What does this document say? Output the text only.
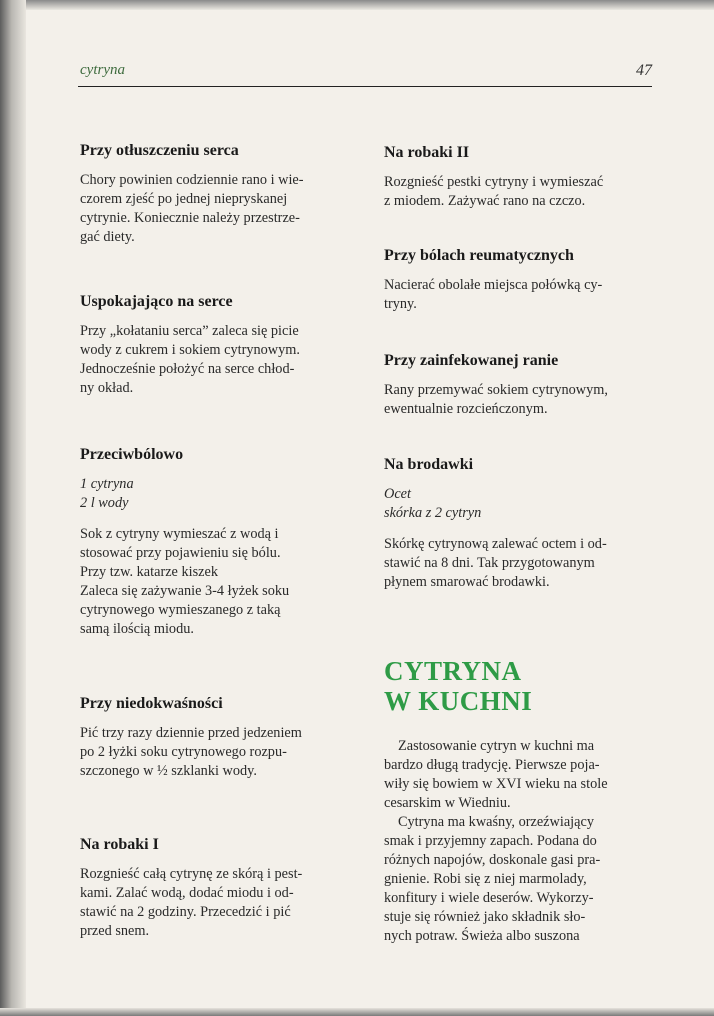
cytryna	47
Przy otłuszczeniu serca

Chory powinien codziennie rano i wie-

czorem zjeść po jednej niepryskanej

cytrynie. Koniecznie należy przestrze-

gać diety.

Uspokajająco na serce

Przy „kołataniu serca” zaleca się picie

wody z cukrem i sokiem cytrynowym.

Jednocześnie położyć na serce chłod-

ny okład.

Przeciwbólowo

1 cytryna

2 l wody

Sok z cytryny wymieszać z wodą i

stosować przy pojawieniu się bólu.

Przy tzw. katarze kiszek

Zaleca się zażywanie 3-4 łyżek soku

cytrynowego wymieszanego z taką

samą ilością miodu.

Przy niedokwaśności

Pić trzy razy dziennie przed jedzeniem

po 2 łyżki soku cytrynowego rozpu-

szczonego w ½ szklanki wody.

Na robaki I

Rozgnieść całą cytrynę ze skórą i pest-

kami. Zalać wodą, dodać miodu i od-

stawić na 2 godziny. Przecedzić i pić

przed snem.

Na robaki II

Rozgnieść pestki cytryny i wymieszać

z miodem. Zażywać rano na czczo.

Przy bólach reumatycznych

Nacierać obolałe miejsca połówką cy-

tryny.

Przy zainfekowanej ranie

Rany przemywać sokiem cytrynowym,

ewentualnie rozcieńczonym.

Na brodawki

Ocet

skórka z 2 cytryn

Skórkę cytrynową zalewać octem i od-

stawić na 8 dni. Tak przygotowanym

płynem smarować brodawki.

CYTRYNA

W KUCHNI

Zastosowanie cytryn w kuchni ma

bardzo długą tradycję. Pierwsze poja-

wiły się bowiem w XVI wieku na stole

cesarskim w Wiedniu.

Cytryna ma kwaśny, orzeźwiający

smak i przyjemny zapach. Podana do

różnych napojów, doskonale gasi pra-

gnienie. Robi się z niej marmolady,

konfitury i wiele deserów. Wykorzy-

stuje się również jako składnik sło-

nych potraw. Świeża albo suszona
